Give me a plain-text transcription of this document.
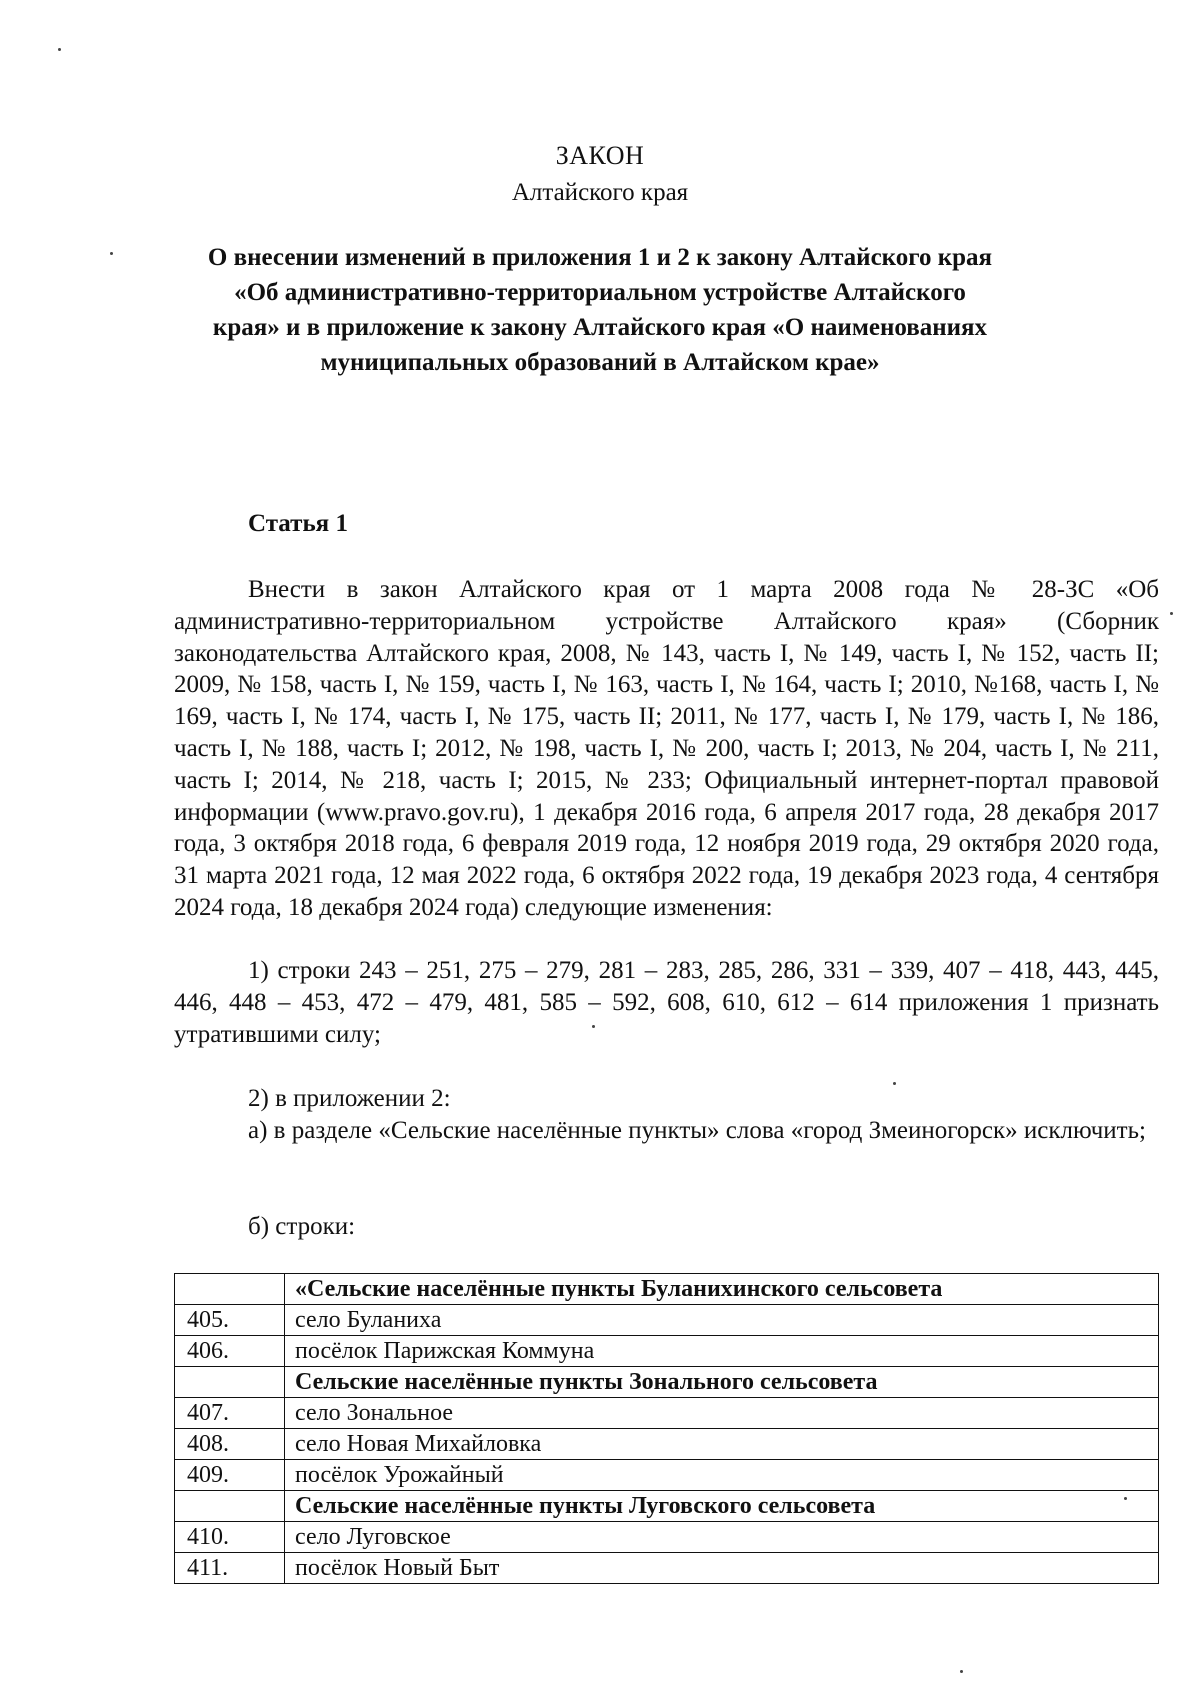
ЗАКОН
Алтайского края
О внесении изменений в приложения 1 и 2 к закону Алтайского края «Об административно-территориальном устройстве Алтайского края» и в приложение к закону Алтайского края «О наименованиях муниципальных образований в Алтайском крае»
Статья 1

Внести в закон Алтайского края от 1 марта 2008 года № 28-ЗС «Об административно-территориальном устройстве Алтайского края» (Сборник законодательства Алтайского края, 2008, № 143, часть I, № 149, часть I, № 152, часть II; 2009, № 158, часть I, № 159, часть I, № 163, часть I, № 164, часть I; 2010, №168, часть I, № 169, часть I, № 174, часть I, № 175, часть II; 2011, № 177, часть I, № 179, часть I, № 186, часть I, № 188, часть I; 2012, № 198, часть I, № 200, часть I; 2013, № 204, часть I, № 211, часть I; 2014, № 218, часть I; 2015, № 233; Официальный интернет-портал правовой информации (www.pravo.gov.ru), 1 декабря 2016 года, 6 апреля 2017 года, 28 декабря 2017 года, 3 октября 2018 года, 6 февраля 2019 года, 12 ноября 2019 года, 29 октября 2020 года, 31 марта 2021 года, 12 мая 2022 года, 6 октября 2022 года, 19 декабря 2023 года, 4 сентября 2024 года, 18 декабря 2024 года) следующие изменения:

1) строки 243 – 251, 275 – 279, 281 – 283, 285, 286, 331 – 339, 407 – 418, 443, 445, 446, 448 – 453, 472 – 479, 481, 585 – 592, 608, 610, 612 – 614 приложения 1 признать утратившими силу;

2) в приложении 2:

а) в разделе «Сельские населённые пункты» слова «город Змеиногорск» исключить;

б) строки:

	«Сельские населённые пункты Буланихинского сельсовета
405.	село Буланиха
406.	посёлок Парижская Коммуна
	Сельские населённые пункты Зонального сельсовета
407.	село Зональное
408.	село Новая Михайловка
409.	посёлок Урожайный
	Сельские населённые пункты Луговского сельсовета
410.	село Луговское
411.	посёлок Новый Быт
